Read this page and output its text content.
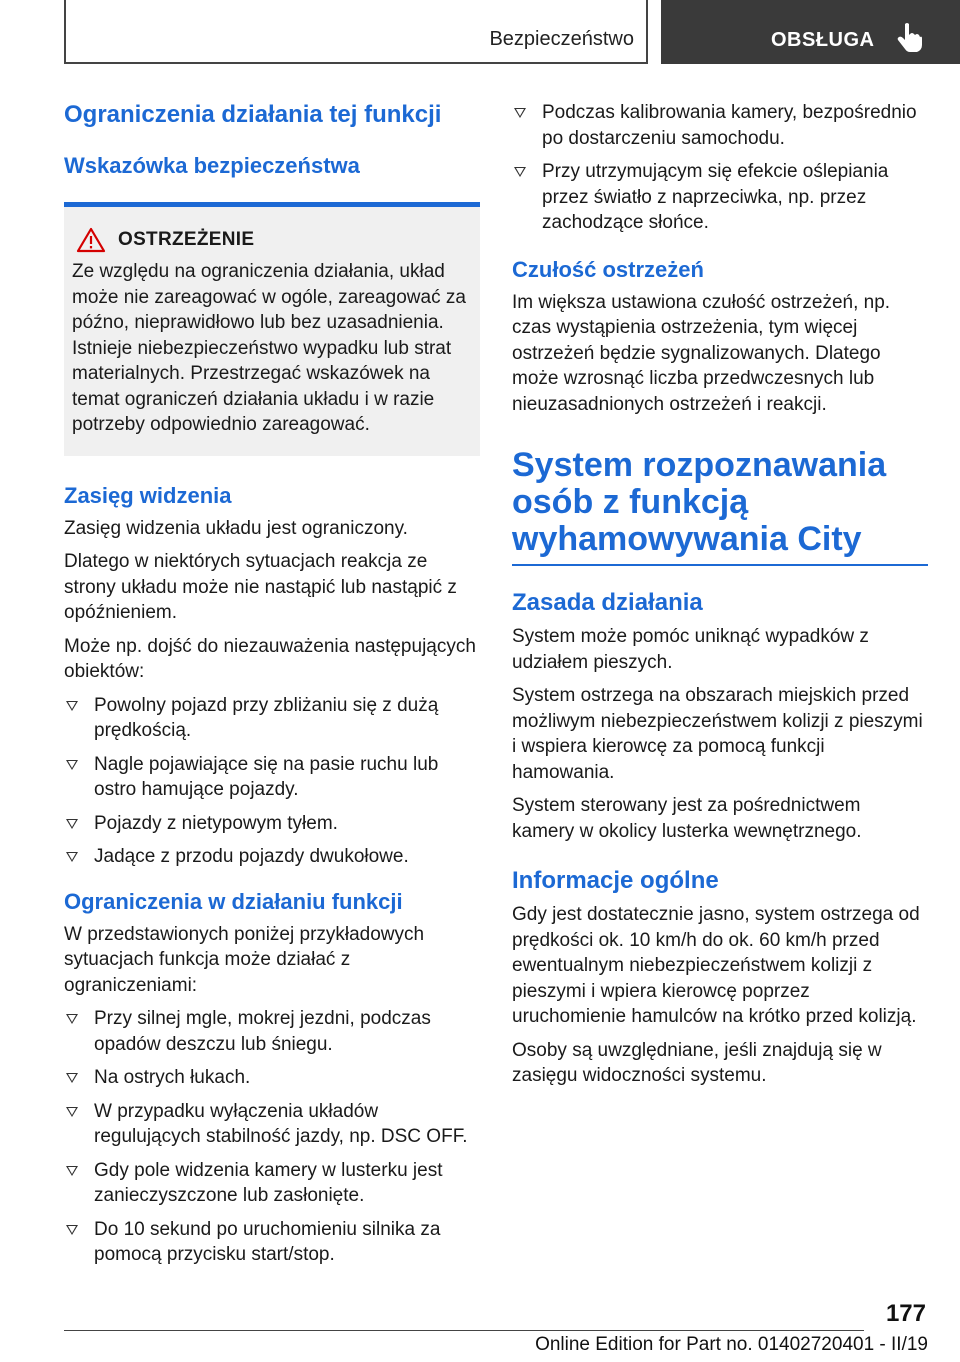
Bezpieczeństwo	OBSŁUGA
Ograniczenia działania tej funkcji
Wskazówka bezpieczeństwa
OSTRZEŻENIE
Ze względu na ograniczenia działania, układ może nie zareagować w ogóle, zareagować za późno, nieprawidłowo lub bez uzasadnienia. Istnieje niebezpieczeństwo wypadku lub strat materialnych. Przestrzegać wskazówek na temat ograniczeń działania układu i w razie potrzeby odpowiednio zareagować.
Zasięg widzenia

Zasięg widzenia układu jest ograniczony.

Dlatego w niektórych sytuacjach reakcja ze strony układu może nie nastąpić lub nastąpić z opóźnieniem.

Może np. dojść do niezauważenia następujących obiektów:

Powolny pojazd przy zbliżaniu się z dużą prędkością.
Nagle pojawiające się na pasie ruchu lub ostro hamujące pojazdy.
Pojazdy z nietypowym tyłem.
Jadące z przodu pojazdy dwukołowe.
Ograniczenia w działaniu funkcji

W przedstawionych poniżej przykładowych sytuacjach funkcja może działać z ograniczeniami:

Przy silnej mgle, mokrej jezdni, podczas opadów deszczu lub śniegu.
Na ostrych łukach.
W przypadku wyłączenia układów regulujących stabilność jazdy, np. DSC OFF.
Gdy pole widzenia kamery w lusterku jest zanieczyszczone lub zasłonięte.
Do 10 sekund po uruchomieniu silnika za pomocą przycisku start/stop.
Podczas kalibrowania kamery, bezpośrednio po dostarczeniu samochodu.
Przy utrzymującym się efekcie oślepiania przez światło z naprzeciwka, np. przez zachodzące słońce.
Czułość ostrzeżeń

Im większa ustawiona czułość ostrzeżeń, np. czas wystąpienia ostrzeżenia, tym więcej ostrzeżeń będzie sygnalizowanych. Dlatego może wzrosnąć liczba przedwczesnych lub nieuzasadnionych ostrzeżeń i reakcji.

System rozpoznawania osób z funkcją wyhamowywania City
Zasada działania

System może pomóc uniknąć wypadków z udziałem pieszych.

System ostrzega na obszarach miejskich przed możliwym niebezpieczeństwem kolizji z pieszymi i wspiera kierowcę za pomocą funkcji hamowania.

System sterowany jest za pośrednictwem kamery w okolicy lusterka wewnętrznego.

Informacje ogólne

Gdy jest dostatecznie jasno, system ostrzega od prędkości ok. 10 km/h do ok. 60 km/h przed ewentualnym niebezpieczeństwem kolizji z pieszymi i wpiera kierowcę poprzez uruchomienie hamulców na krótko przed kolizją.

Osoby są uwzględniane, jeśli znajdują się w zasięgu widoczności systemu.

177
Online Edition for Part no. 01402720401 - II/19
